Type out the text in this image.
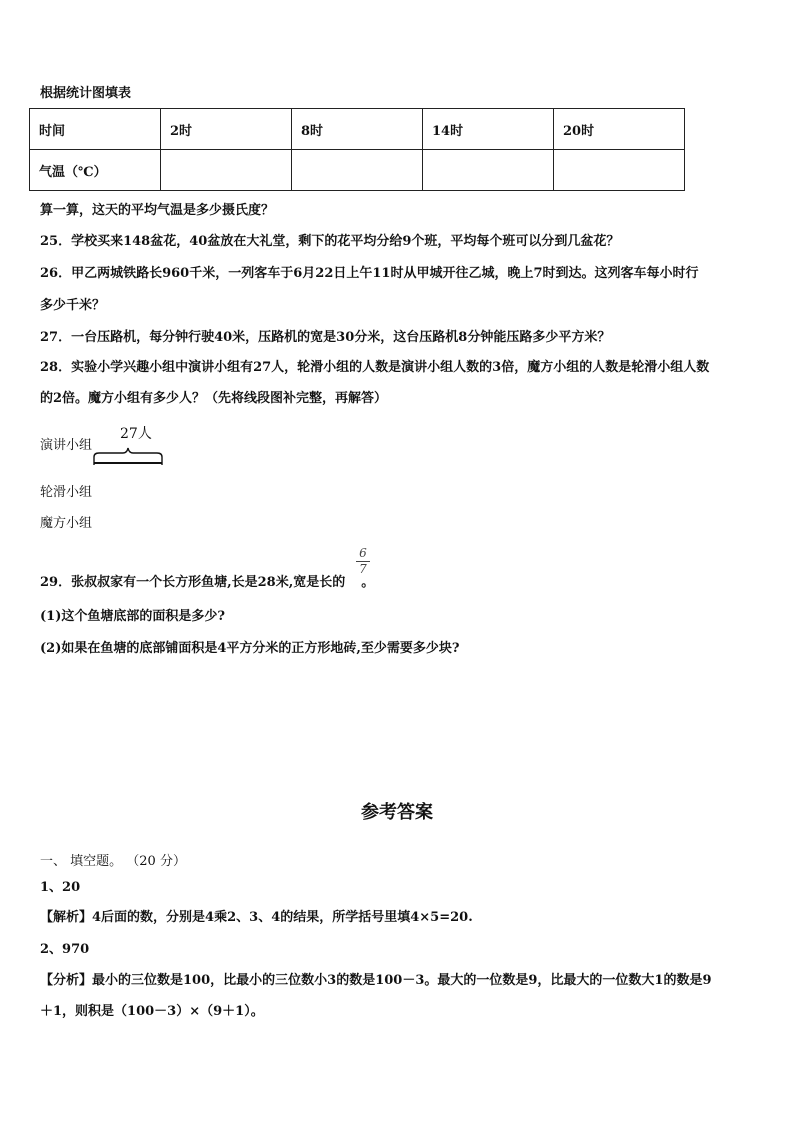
根据统计图填表
时间	2时	8时	14时	20时
气温（℃）				
算一算，这天的平均气温是多少摄氏度？
25．学校买来148盆花，40盆放在大礼堂，剩下的花平均分给9个班，平均每个班可以分到几盆花？
26．甲乙两城铁路长960千米，一列客车于6月22日上午11时从甲城开往乙城，晚上7时到达。这列客车每小时行
多少千米？
27．一台压路机，每分钟行驶40米，压路机的宽是30分米，这台压路机8分钟能压路多少平方米？
28．实验小学兴趣小组中演讲小组有27人，轮滑小组的人数是演讲小组人数的3倍，魔方小组的人数是轮滑小组人数
的2倍。魔方小组有多少人？（先将线段图补完整，再解答）
演讲小组
27人
轮滑小组
魔方小组
29．张叔叔家有一个长方形鱼塘,长是28米,宽是长的 。
6
7
(1)这个鱼塘底部的面积是多少?
(2)如果在鱼塘的底部铺面积是4平方分米的正方形地砖,至少需要多少块?
参考答案
一、 填空题。 （20 分）
1、20
【解析】4后面的数，分别是4乘2、3、4的结果，所学括号里填4×5=20.
2、970
【分析】最小的三位数是100，比最小的三位数小3的数是100－3。最大的一位数是9，比最大的一位数大1的数是9
＋1，则积是（100－3）×（9＋1）。
